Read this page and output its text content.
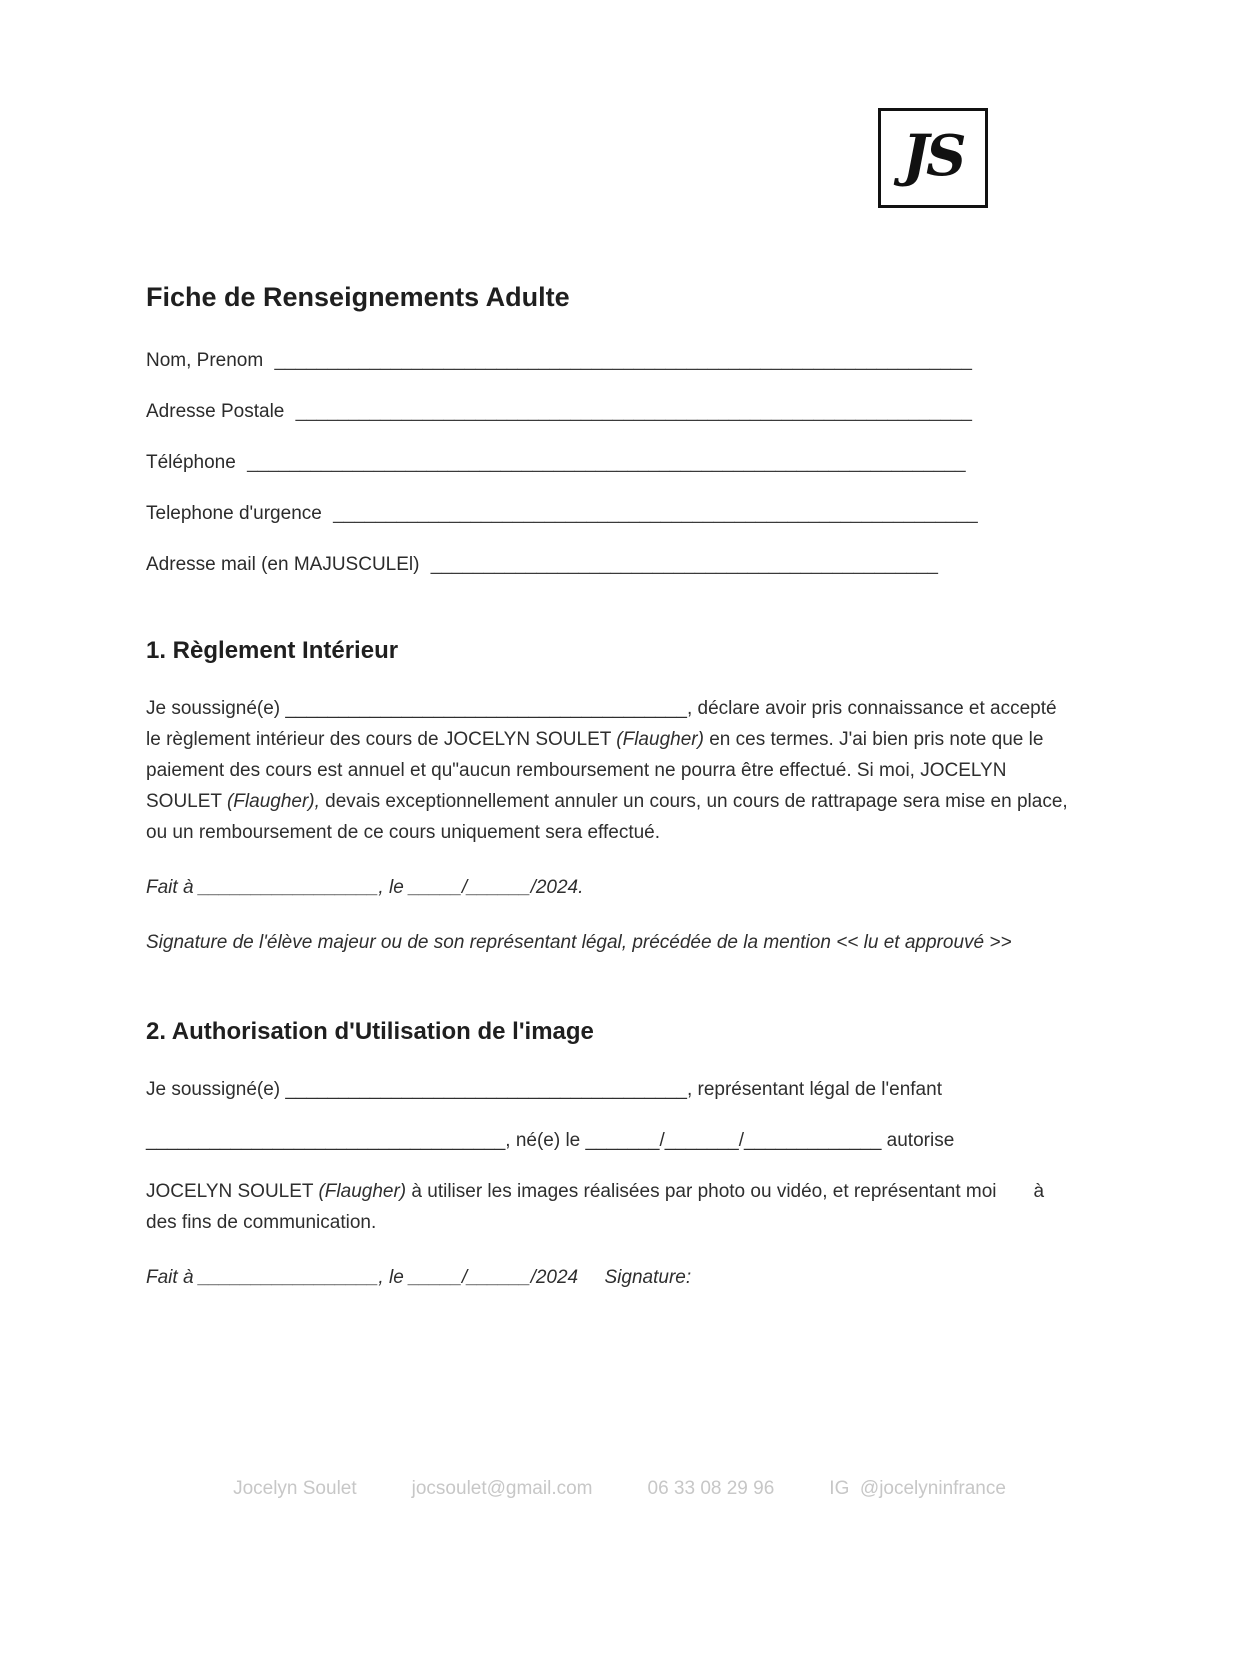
JS
Fiche de Renseignements Adulte
Nom, Prenom __________________________________________________________________
Adresse Postale ________________________________________________________________
Téléphone ____________________________________________________________________
Telephone d'urgence _____________________________________________________________
Adresse mail (en MAJUSCULEl) ________________________________________________
1. Règlement Intérieur

Je soussigné(e) ______________________________________, déclare avoir pris connaissance et accepté le règlement intérieur des cours de JOCELYN SOULET (Flaugher) en ces termes. J'ai bien pris note que le paiement des cours est annuel et qu"aucun remboursement ne pourra être effectué. Si moi, JOCELYN SOULET (Flaugher), devais exceptionnellement annuler un cours, un cours de rattrapage sera mise en place, ou un remboursement de ce cours uniquement sera effectué.

Fait à _________________, le _____/______/2024.

Signature de l'élève majeur ou de son représentant légal, précédée de la mention << lu et approuvé >>

2. Authorisation d'Utilisation de l'image

Je soussigné(e) ______________________________________, représentant légal de l'enfant

__________________________________, né(e) le _______/_______/_____________ autorise

JOCELYN SOULET (Flaugher) à utiliser les images réalisées par photo ou vidéo, et représentant moi       à des fins de communication.

Fait à _________________, le _____/______/2024     Signature:

Jocelyn Soulet	jocsoulet@gmail.com	06 33 08 29 96	IG  @jocelyninfrance
